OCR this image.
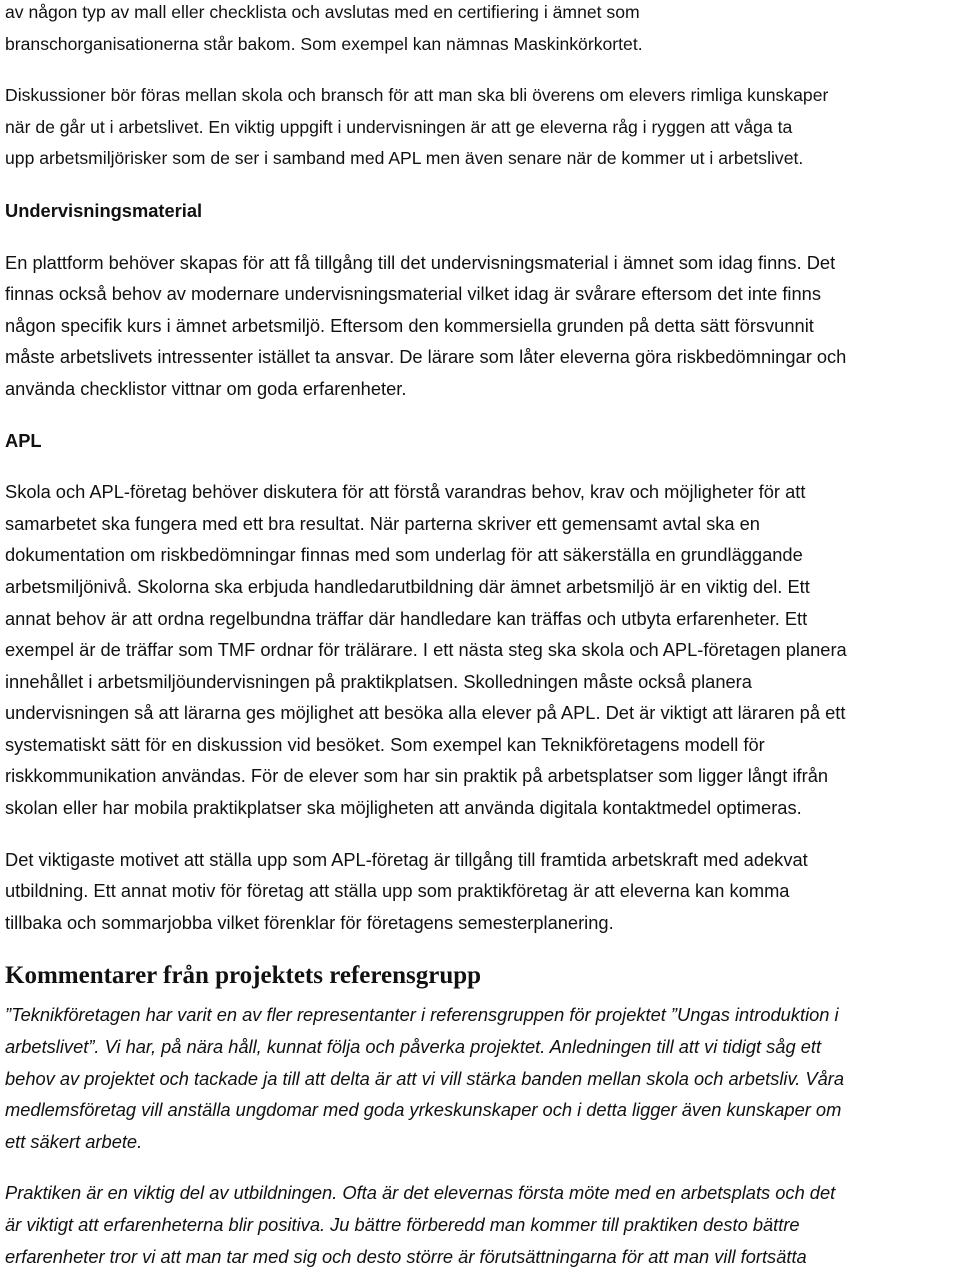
av någon typ av mall eller checklista och avslutas med en certifiering i ämnet som
branschorganisationerna står bakom. Som exempel kan nämnas Maskinkörkortet.

Diskussioner bör föras mellan skola och bransch för att man ska bli överens om elevers rimliga kunskaper
när de går ut i arbetslivet. En viktig uppgift i undervisningen är att ge eleverna råg i ryggen att våga ta
upp arbetsmiljörisker som de ser i samband med APL men även senare när de kommer ut i arbetslivet.

Undervisningsmaterial

En plattform behöver skapas för att få tillgång till det undervisningsmaterial i ämnet som idag finns. Det
finnas också behov av modernare undervisningsmaterial vilket idag är svårare eftersom det inte finns
någon specifik kurs i ämnet arbetsmiljö. Eftersom den kommersiella grunden på detta sätt försvunnit
måste arbetslivets intressenter istället ta ansvar. De lärare som låter eleverna göra riskbedömningar och
använda checklistor vittnar om goda erfarenheter.

APL

Skola och APL-företag behöver diskutera för att förstå varandras behov, krav och möjligheter för att
samarbetet ska fungera med ett bra resultat. När parterna skriver ett gemensamt avtal ska en
dokumentation om riskbedömningar finnas med som underlag för att säkerställa en grundläggande
arbetsmiljönivå. Skolorna ska erbjuda handledarutbildning där ämnet arbetsmiljö är en viktig del. Ett
annat behov är att ordna regelbundna träffar där handledare kan träffas och utbyta erfarenheter. Ett
exempel är de träffar som TMF ordnar för trälärare. I ett nästa steg ska skola och APL-företagen planera
innehållet i arbetsmiljöundervisningen på praktikplatsen. Skolledningen måste också planera
undervisningen så att lärarna ges möjlighet att besöka alla elever på APL. Det är viktigt att läraren på ett
systematiskt sätt för en diskussion vid besöket. Som exempel kan Teknikföretagens modell för
riskkommunikation användas. För de elever som har sin praktik på arbetsplatser som ligger långt ifrån
skolan eller har mobila praktikplatser ska möjligheten att använda digitala kontaktmedel optimeras.

Det viktigaste motivet att ställa upp som APL-företag är tillgång till framtida arbetskraft med adekvat
utbildning. Ett annat motiv för företag att ställa upp som praktikföretag är att eleverna kan komma
tillbaka och sommarjobba vilket förenklar för företagens semesterplanering.

Kommentarer från projektets referensgrupp

”Teknikföretagen har varit en av fler representanter i referensgruppen för projektet ”Ungas introduktion i
arbetslivet”. Vi har, på nära håll, kunnat följa och påverka projektet. Anledningen till att vi tidigt såg ett
behov av projektet och tackade ja till att delta är att vi vill stärka banden mellan skola och arbetsliv. Våra
medlemsföretag vill anställa ungdomar med goda yrkeskunskaper och i detta ligger även kunskaper om
ett säkert arbete.

Praktiken är en viktig del av utbildningen. Ofta är det elevernas första möte med en arbetsplats och det
är viktigt att erfarenheterna blir positiva. Ju bättre förberedd man kommer till praktiken desto bättre
erfarenheter tror vi att man tar med sig och desto större är förutsättningarna för att man vill fortsätta
